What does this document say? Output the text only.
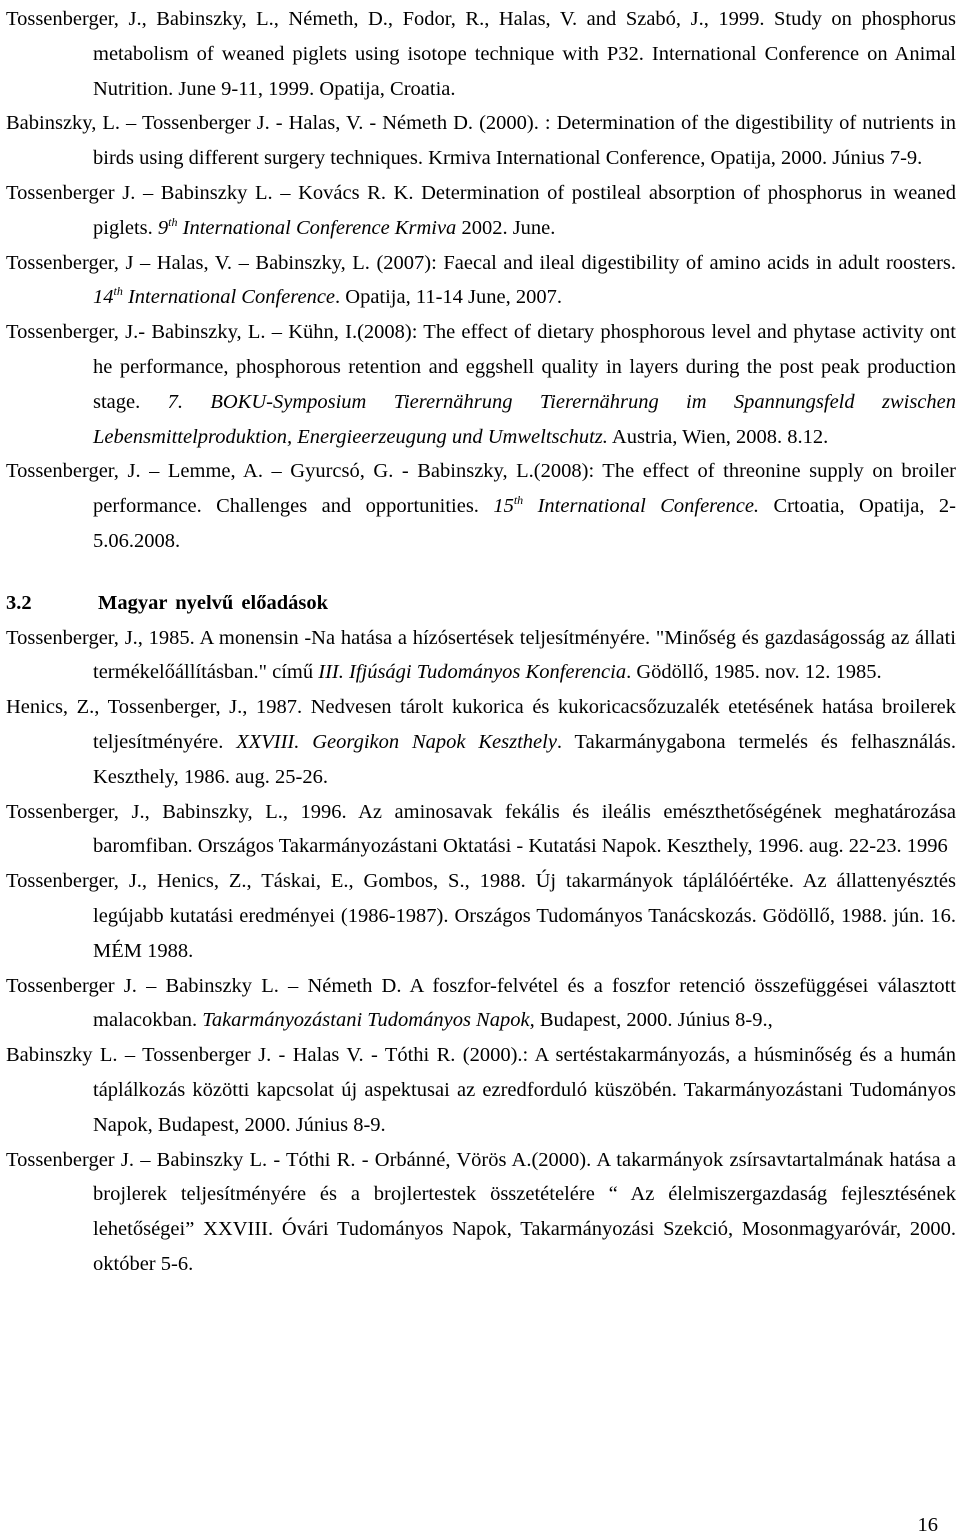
Tossenberger, J., Babinszky, L., Németh, D., Fodor, R., Halas, V. and Szabó, J., 1999. Study on phosphorus metabolism of weaned piglets using isotope technique with P32. International Conference on Animal Nutrition. June 9-11, 1999. Opatija, Croatia.

Babinszky, L. – Tossenberger J. - Halas, V. - Németh D. (2000). : Determination of the digestibility of nutrients in birds using different surgery techniques. Krmiva International Conference, Opatija, 2000. Június 7-9.

Tossenberger J. – Babinszky L. – Kovács R. K. Determination of postileal absorption of phosphorus in weaned piglets. 9th International Conference Krmiva 2002. June.

Tossenberger, J – Halas, V. – Babinszky, L. (2007): Faecal and ileal digestibility of amino acids in adult roosters. 14th International Conference. Opatija, 11-14 June, 2007.

Tossenberger, J.- Babinszky, L. – Kühn, I.(2008): The effect of dietary phosphorous level and phytase activity ont he performance, phosphorous retention and eggshell quality in layers during the post peak production stage. 7. BOKU-Symposium Tierernährung Tierernährung im Spannungsfeld zwischen Lebensmittelproduktion, Energieerzeugung und Umweltschutz. Austria, Wien, 2008. 8.12.

Tossenberger, J. – Lemme, A. – Gyurcsó, G. - Babinszky, L.(2008): The effect of threonine supply on broiler performance. Challenges and opportunities. 15th International Conference. Crtoatia, Opatija, 2-5.06.2008.

3.2	Magyar nyelvű előadások

Tossenberger, J., 1985. A monensin -Na hatása a hízósertések teljesítményére. "Minőség és gazdaságosság az állati termékelőállításban." című III. Ifjúsági Tudományos Konferencia. Gödöllő, 1985. nov. 12. 1985.

Henics, Z., Tossenberger, J., 1987. Nedvesen tárolt kukorica és kukoricacsőzuzalék etetésének hatása broilerek teljesítményére. XXVIII. Georgikon Napok Keszthely. Takarmánygabona termelés és felhasználás. Keszthely, 1986. aug. 25-26.

Tossenberger, J., Babinszky, L., 1996. Az aminosavak fekális és ileális emészthetőségének meghatározása baromfiban. Országos Takarmányozástani Oktatási - Kutatási Napok. Keszthely, 1996. aug. 22-23. 1996

Tossenberger, J., Henics, Z., Táskai, E., Gombos, S., 1988. Új takarmányok táplálóértéke. Az állattenyésztés legújabb kutatási eredményei (1986-1987). Országos Tudományos Tanácskozás. Gödöllő, 1988. jún. 16. MÉM 1988.

Tossenberger J. – Babinszky L. – Németh D. A foszfor-felvétel és a foszfor retenció összefüggései választott malacokban. Takarmányozástani Tudományos Napok, Budapest, 2000. Június 8-9.,

Babinszky L. – Tossenberger J. - Halas V. - Tóthi R. (2000).: A sertéstakarmányozás, a húsminőség és a humán táplálkozás közötti kapcsolat új aspektusai az ezredforduló küszöbén. Takarmányozástani Tudományos Napok, Budapest, 2000. Június 8-9.

Tossenberger J. – Babinszky L. - Tóthi R. - Orbánné, Vörös A.(2000). A takarmányok zsírsavtartalmának hatása a brojlerek teljesítményére és a brojlertestek összetételére “ Az élelmiszergazdaság fejlesztésének lehetőségei” XXVIII. Óvári Tudományos Napok, Takarmányozási Szekció, Mosonmagyaróvár, 2000. október 5-6.

16
